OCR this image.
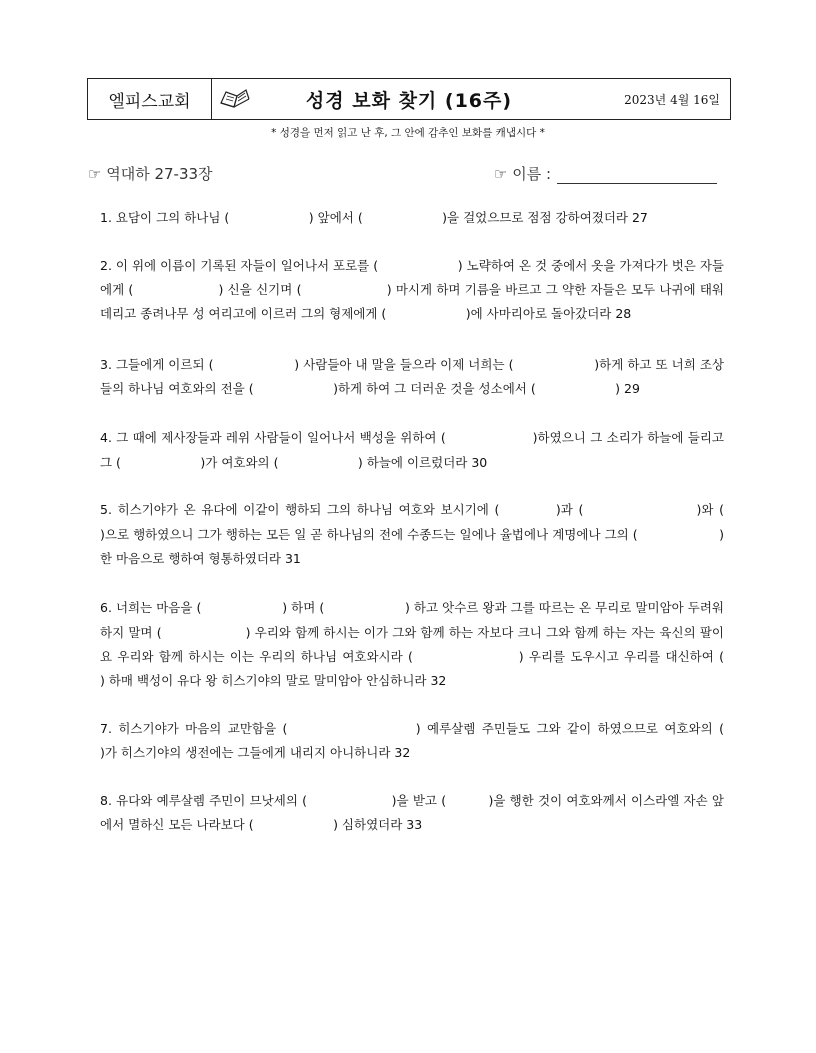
엘피스교회	성경 보화 찾기 (16주)	2023년 4월 16일
* 성경을 먼저 읽고 난 후, 그 안에 감추인 보화를 캐냅시다 *
☞ 역대하 27-33장	☞ 이름 :
1. 요담이 그의 하나님 (                    ) 앞에서 (                    )을 걸었으므로 점점 강하여졌더라 27
2. 이 위에 이름이 기록된 자들이 일어나서 포로를 (                    ) 노략하여 온 것 중에서 옷을 가져다가 벗은 자들에게 (                    ) 신을 신기며 (                    ) 마시게 하며 기름을 바르고 그 약한 자들은 모두 나귀에 태워 데리고 종려나무 성 여리고에 이르러 그의 형제에게 (                    )에 사마리아로 돌아갔더라 28
3. 그들에게 이르되 (                    ) 사람들아 내 말을 들으라 이제 너희는 (                    )하게 하고 또 너희 조상들의 하나님 여호와의 전을 (                    )하게 하여 그 더러운 것을 성소에서 (                    ) 29
4. 그 때에 제사장들과 레위 사람들이 일어나서 백성을 위하여 (                    )하였으니 그 소리가 하늘에 들리고 그 (                    )가 여호와의 (                    ) 하늘에 이르렀더라 30
5. 히스기야가 온 유다에 이같이 행하되 그의 하나님 여호와 보시기에 (          )과 (                    )와 (                    )으로 행하였으니 그가 행하는 모든 일 곧 하나님의 전에 수종드는 일에나 율법에나 계명에나 그의 (                    ) 한 마음으로 행하여 형통하였더라 31
6. 너희는 마음을 (                    ) 하며 (                    ) 하고 앗수르 왕과 그를 따르는 온 무리로 말미암아 두려워하지 말며 (                    ) 우리와 함께 하시는 이가 그와 함께 하는 자보다 크니 그와 함께 하는 자는 육신의 팔이요 우리와 함께 하시는 이는 우리의 하나님 여호와시라 (                    ) 우리를 도우시고 우리를 대신하여 (                    ) 하매 백성이 유다 왕 히스기야의 말로 말미암아 안심하니라 32
7. 히스기야가 마음의 교만함을 (                    ) 예루살렘 주민들도 그와 같이 하였으므로 여호와의 (                    )가 히스기야의 생전에는 그들에게 내리지 아니하니라 32
8. 유다와 예루살렘 주민이 므낫세의 (                    )을 받고 (          )을 행한 것이 여호와께서 이스라엘 자손 앞에서 멸하신 모든 나라보다 (                    ) 심하였더라 33
